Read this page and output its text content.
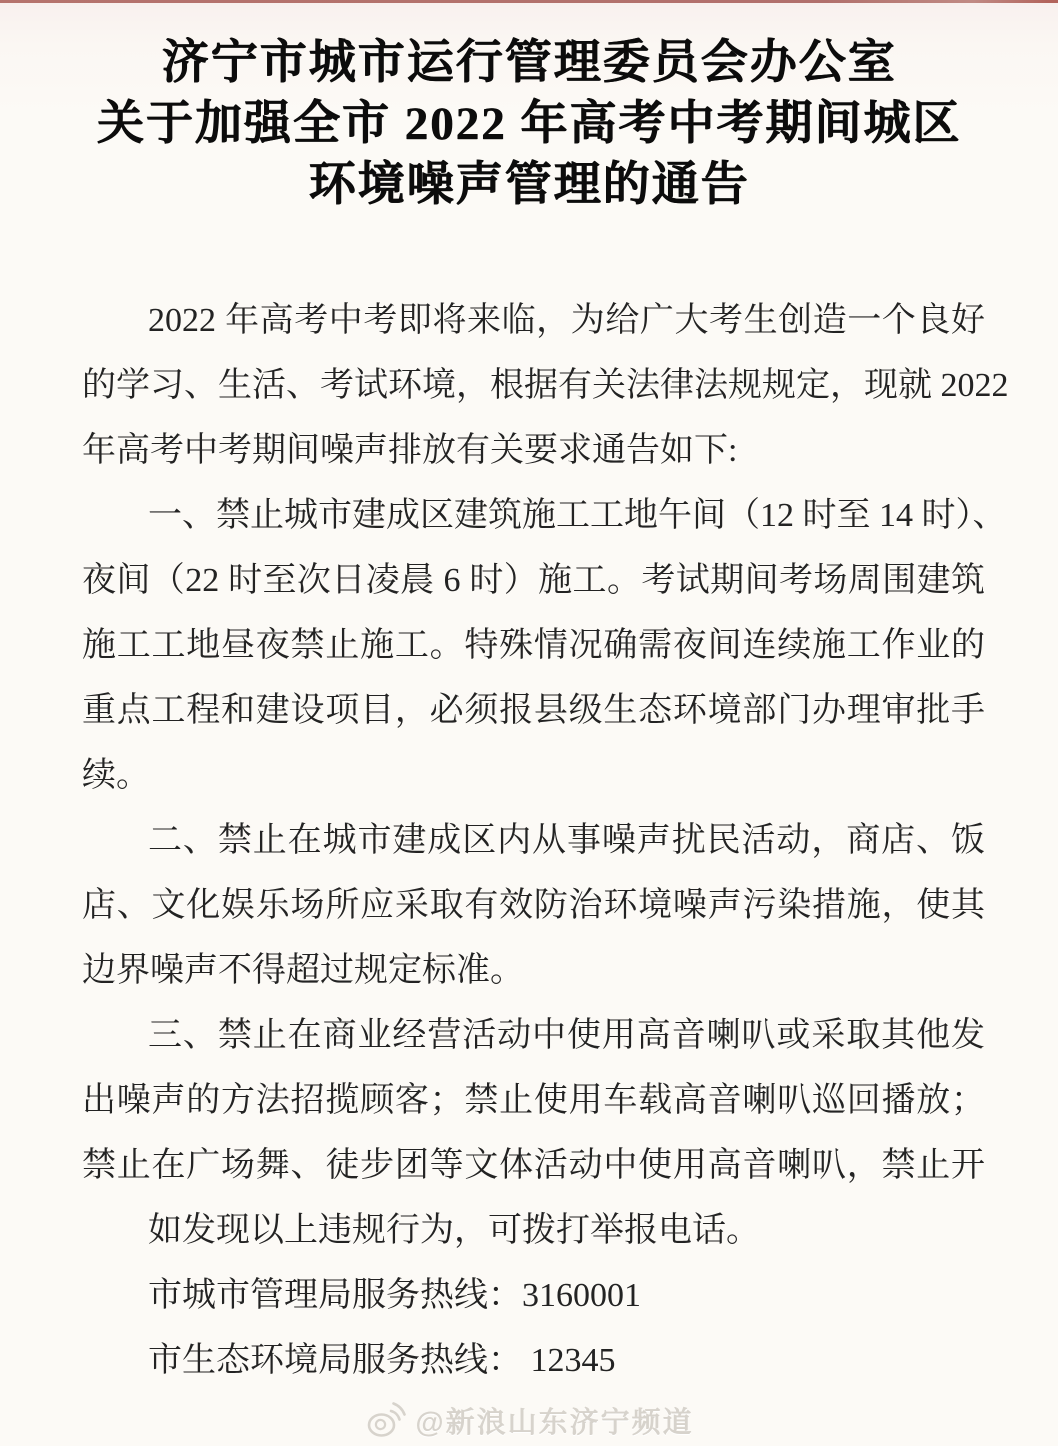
济宁市城市运行管理委员会办公室
关于加强全市 2022 年高考中考期间城区
环境噪声管理的通告

2022 年高考中考即将来临，为给广大考生创造一个良好

的学习、生活、考试环境，根据有关法律法规规定，现就 2022

年高考中考期间噪声排放有关要求通告如下:

一、禁止城市建成区建筑施工工地午间（12 时至 14 时）、

夜间（22 时至次日凌晨 6 时）施工。考试期间考场周围建筑

施工工地昼夜禁止施工。特殊情况确需夜间连续施工作业的

重点工程和建设项目，必须报县级生态环境部门办理审批手

续。

二、禁止在城市建成区内从事噪声扰民活动，商店、饭

店、文化娱乐场所应采取有效防治环境噪声污染措施，使其

边界噪声不得超过规定标准。

三、禁止在商业经营活动中使用高音喇叭或采取其他发

出噪声的方法招揽顾客；禁止使用车载高音喇叭巡回播放；

禁止在广场舞、徒步团等文体活动中使用高音喇叭，禁止开

如发现以上违规行为，可拨打举报电话。

市城市管理局服务热线：3160001

市生态环境局服务热线： 12345

@新浪山东济宁频道
